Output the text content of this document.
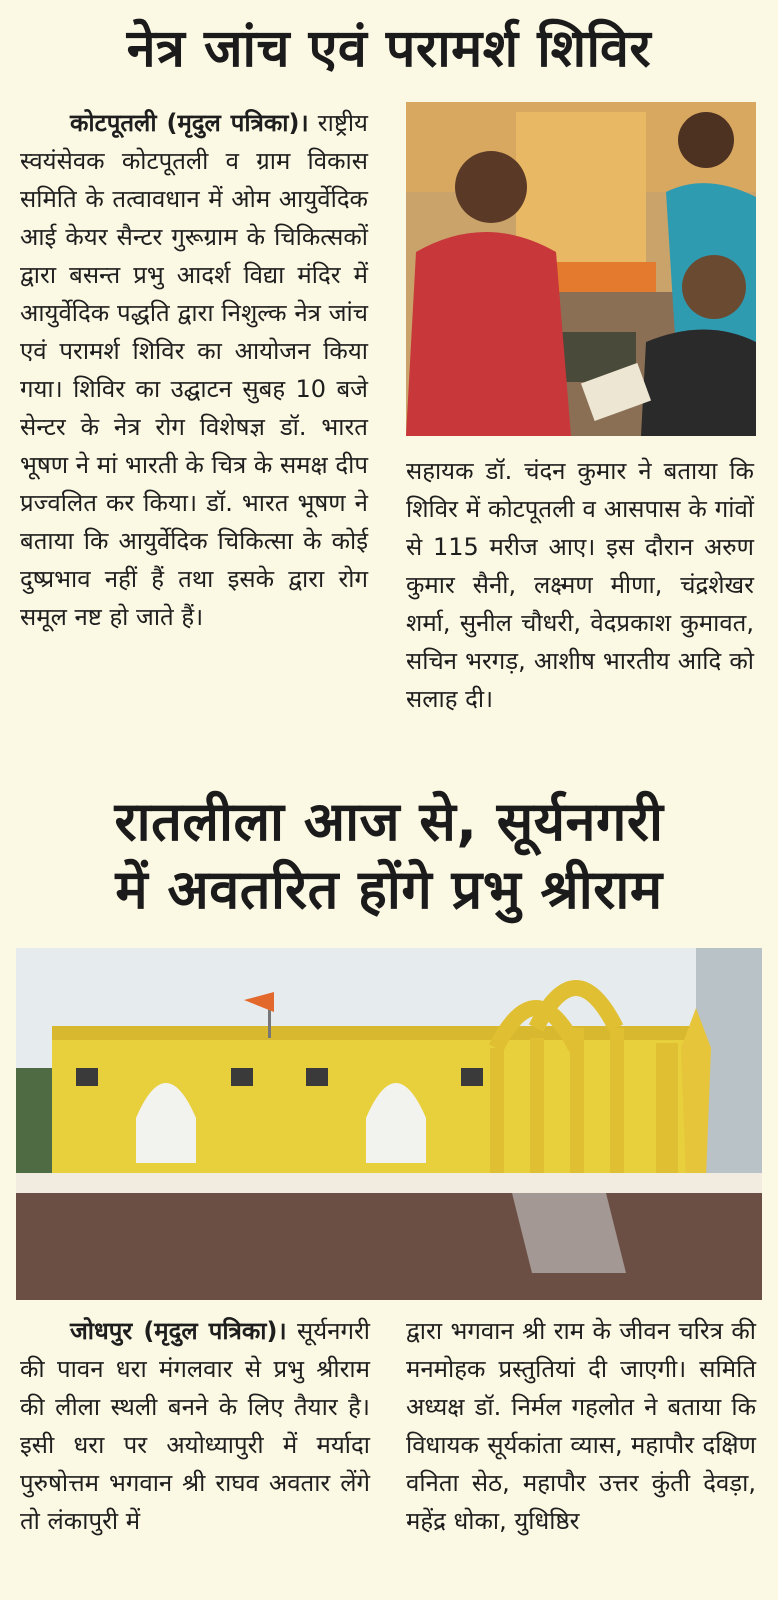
नेत्र जांच एवं परामर्श शिविर
कोटपूतली (मृदुल पत्रिका)। राष्ट्रीय स्वयंसेवक कोटपूतली व ग्राम विकास समिति के तत्वावधान में ओम आयुर्वेदिक आई केयर सैन्टर गुरूग्राम के चिकित्सकों द्वारा बसन्त प्रभु आदर्श विद्या मंदिर में आयुर्वेदिक पद्धति द्वारा निशुल्क नेत्र जांच एवं परामर्श शिविर का आयोजन किया गया। शिविर का उद्घाटन सुबह 10 बजे सेन्टर के नेत्र रोग विशेषज्ञ डॉ. भारत भूषण ने मां भारती के चित्र के समक्ष दीप प्रज्वलित कर किया। डॉ. भारत भूषण ने बताया कि आयुर्वेदिक चिकित्सा के कोई दुष्प्रभाव नहीं हैं तथा इसके द्वारा रोग समूल नष्ट हो जाते हैं।
सहायक डॉ. चंदन कुमार ने बताया कि शिविर में कोटपूतली व आसपास के गांवों से 115 मरीज आए। इस दौरान अरुण कुमार सैनी, लक्ष्मण मीणा, चंद्रशेखर शर्मा, सुनील चौधरी, वेदप्रकाश कुमावत, सचिन भरगड़, आशीष भारतीय आदि को सलाह दी।
रातलीला आज से, सूर्यनगरी
में अवतरित होंगे प्रभु श्रीराम
जोधपुर (मृदुल पत्रिका)। सूर्यनगरी की पावन धरा मंगलवार से प्रभु श्रीराम की लीला स्थली बनने के लिए तैयार है। इसी धरा पर अयोध्यापुरी में मर्यादा पुरुषोत्तम भगवान श्री राघव अवतार लेंगे तो लंकापुरी में
द्वारा भगवान श्री राम के जीवन चरित्र की मनमोहक प्रस्तुतियां दी जाएगी। समिति अध्यक्ष डॉ. निर्मल गहलोत ने बताया कि विधायक सूर्यकांता व्यास, महापौर दक्षिण वनिता सेठ, महापौर उत्तर कुंती देवड़ा, महेंद्र धोका, युधिष्ठिर
